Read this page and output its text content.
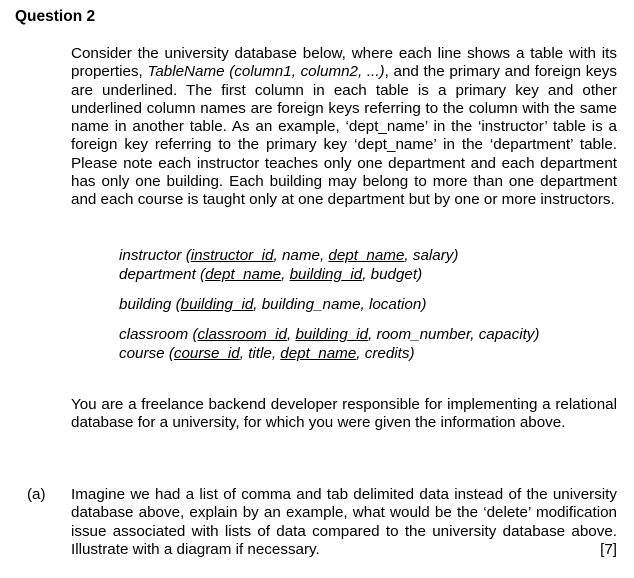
Question 2

Consider the university database below, where each line shows a table with its properties, TableName (column1, column2, ...), and the primary and foreign keys are underlined. The first column in each table is a primary key and other underlined column names are foreign keys referring to the column with the same name in another table. As an example, ‘dept_name’ in the ‘instructor’ table is a foreign key referring to the primary key ‘dept_name’ in the ‘department’ table. Please note each instructor teaches only one department and each department has only one building. Each building may belong to more than one department and each course is taught only at one department but by one or more instructors.

instructor (instructor_id, name, dept_name, salary)
department (dept_name, building_id, budget)
building (building_id, building_name, location)
classroom (classroom_id, building_id, room_number, capacity)
course (course_id, title, dept_name, credits)

You are a freelance backend developer responsible for implementing a relational database for a university, for which you were given the information above.

(a) Imagine we had a list of comma and tab delimited data instead of the university database above, explain by an example, what would be the ‘delete’ modification issue associated with lists of data compared to the university database above. Illustrate with a diagram if necessary.	[7]
